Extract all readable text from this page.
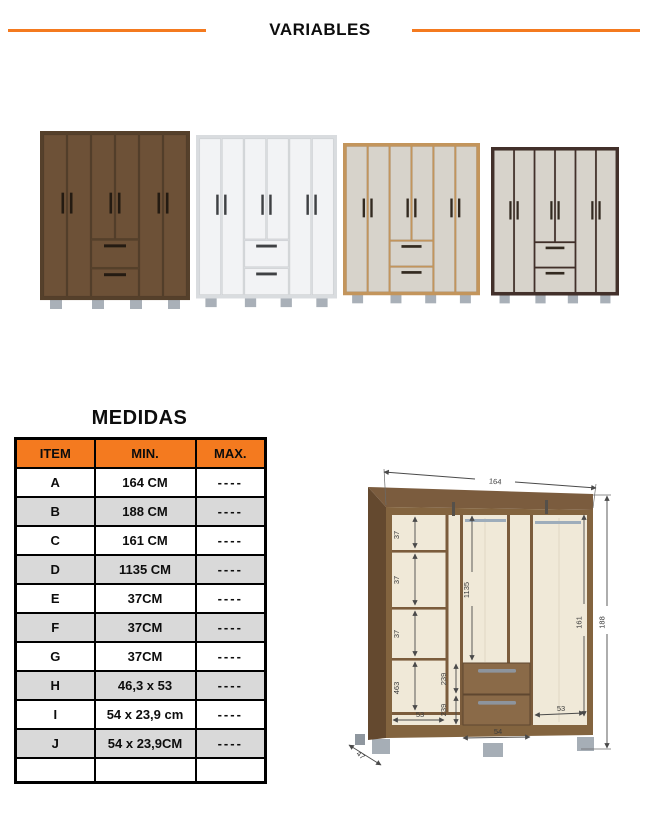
VARIABLES
MEDIDAS
ITEM	MIN.	MAX.
A	164 CM	----
B	188 CM	----
C	161 CM	----
D	1135 CM	----
E	37CM	----
F	37CM	----
G	37CM	----
H	46,3 x 53	----
I	54 x 23,9 cm	----
J	54 x 23,9CM	----

164
188
161
1135
37
37
37
463
239
239
53
53
54
47
